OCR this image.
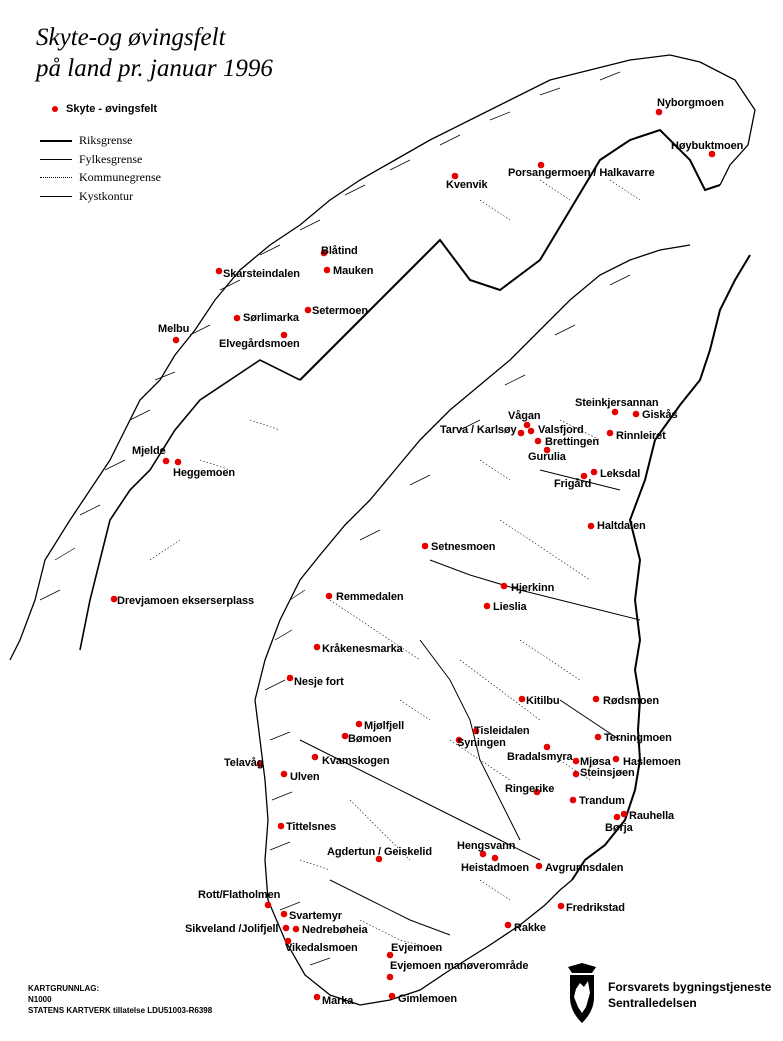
Skyte-og øvingsfelt
på land pr. januar 1996
Skyte - øvingsfelt
Riksgrense
Fylkesgrense
Kommunegrense
Kystkontur
Nyborgmoen
Høybuktmoen
Porsangermoen / Halkavarre
Kvenvik
Blåtind
Mauken
Skarsteindalen
Setermoen
Sørlimarka
Melbu
Elvegårdsmoen
Mjelde
Heggemoen
Steinkjersannan
Giskås
Vågan
Tarva / Karlsøy Valsfjord	Rinnleiret
Brettingen
Gurulia
Leksdal
Frigård
Haltdalen
Setnesmoen
Hjerkinn
Lieslia
Drevjamoen ekserserplass	Remmedalen
Kråkenesmarka
Nesje fort
Kitilbu	Rødsmoen
Mjølfjell
Bømoen
Tisleidalen
Syningen	Terningmoen
Bradalsmyra Mjøsa Haslemoen
Telavåg	Kvamskogen
Ulven	Steinsjøen
Ringerike
Trandum
Rauhella
Børja
Tittelsnes
Agdertun / Geiskelid Hengsvann
Heistadmoen Avgrunnsdalen
Rott/Flatholmen
Svartemyr
Sikveland /Jolifjell Nedrebøheia
Vikedalsmoen
Fredrikstad
Rakke
Evjemoen
Evjemoen manøverområde
Gimlemoen
Marka
KARTGRUNNLAG:
N1000
STATENS KARTVERK tillatelse LDU51003-R6398
Forsvarets bygningstjeneste
Sentralledelsen
